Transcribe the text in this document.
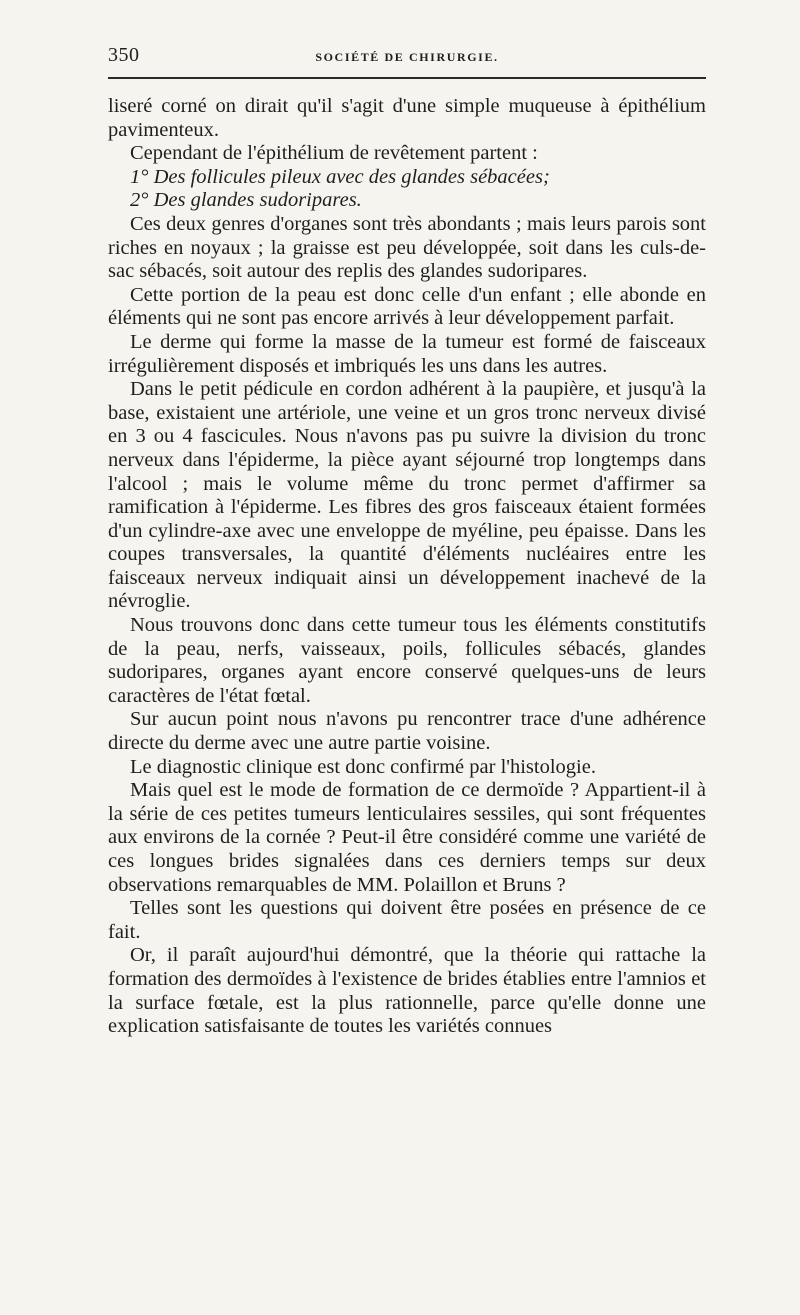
350	SOCIÉTÉ DE CHIRURGIE.

liseré corné on dirait qu'il s'agit d'une simple muqueuse à épithélium pavimenteux.

Cependant de l'épithélium de revêtement partent :

1° Des follicules pileux avec des glandes sébacées;

2° Des glandes sudoripares.

Ces deux genres d'organes sont très abondants ; mais leurs parois sont riches en noyaux ; la graisse est peu développée, soit dans les culs-de-sac sébacés, soit autour des replis des glandes sudoripares.

Cette portion de la peau est donc celle d'un enfant ; elle abonde en éléments qui ne sont pas encore arrivés à leur développement parfait.

Le derme qui forme la masse de la tumeur est formé de faisceaux irrégulièrement disposés et imbriqués les uns dans les autres.

Dans le petit pédicule en cordon adhérent à la paupière, et jusqu'à la base, existaient une artériole, une veine et un gros tronc nerveux divisé en 3 ou 4 fascicules. Nous n'avons pas pu suivre la division du tronc nerveux dans l'épiderme, la pièce ayant séjourné trop longtemps dans l'alcool ; mais le volume même du tronc permet d'affirmer sa ramification à l'épiderme. Les fibres des gros faisceaux étaient formées d'un cylindre-axe avec une enveloppe de myéline, peu épaisse. Dans les coupes transversales, la quantité d'éléments nucléaires entre les faisceaux nerveux indiquait ainsi un développement inachevé de la névroglie.

Nous trouvons donc dans cette tumeur tous les éléments constitutifs de la peau, nerfs, vaisseaux, poils, follicules sébacés, glandes sudoripares, organes ayant encore conservé quelques-uns de leurs caractères de l'état fœtal.

Sur aucun point nous n'avons pu rencontrer trace d'une adhérence directe du derme avec une autre partie voisine.

Le diagnostic clinique est donc confirmé par l'histologie.

Mais quel est le mode de formation de ce dermoïde ? Appartient-il à la série de ces petites tumeurs lenticulaires sessiles, qui sont fréquentes aux environs de la cornée ? Peut-il être considéré comme une variété de ces longues brides signalées dans ces derniers temps sur deux observations remarquables de MM. Polaillon et Bruns ?

Telles sont les questions qui doivent être posées en présence de ce fait.

Or, il paraît aujourd'hui démontré, que la théorie qui rattache la formation des dermoïdes à l'existence de brides établies entre l'amnios et la surface fœtale, est la plus rationnelle, parce qu'elle donne une explication satisfaisante de toutes les variétés connues
